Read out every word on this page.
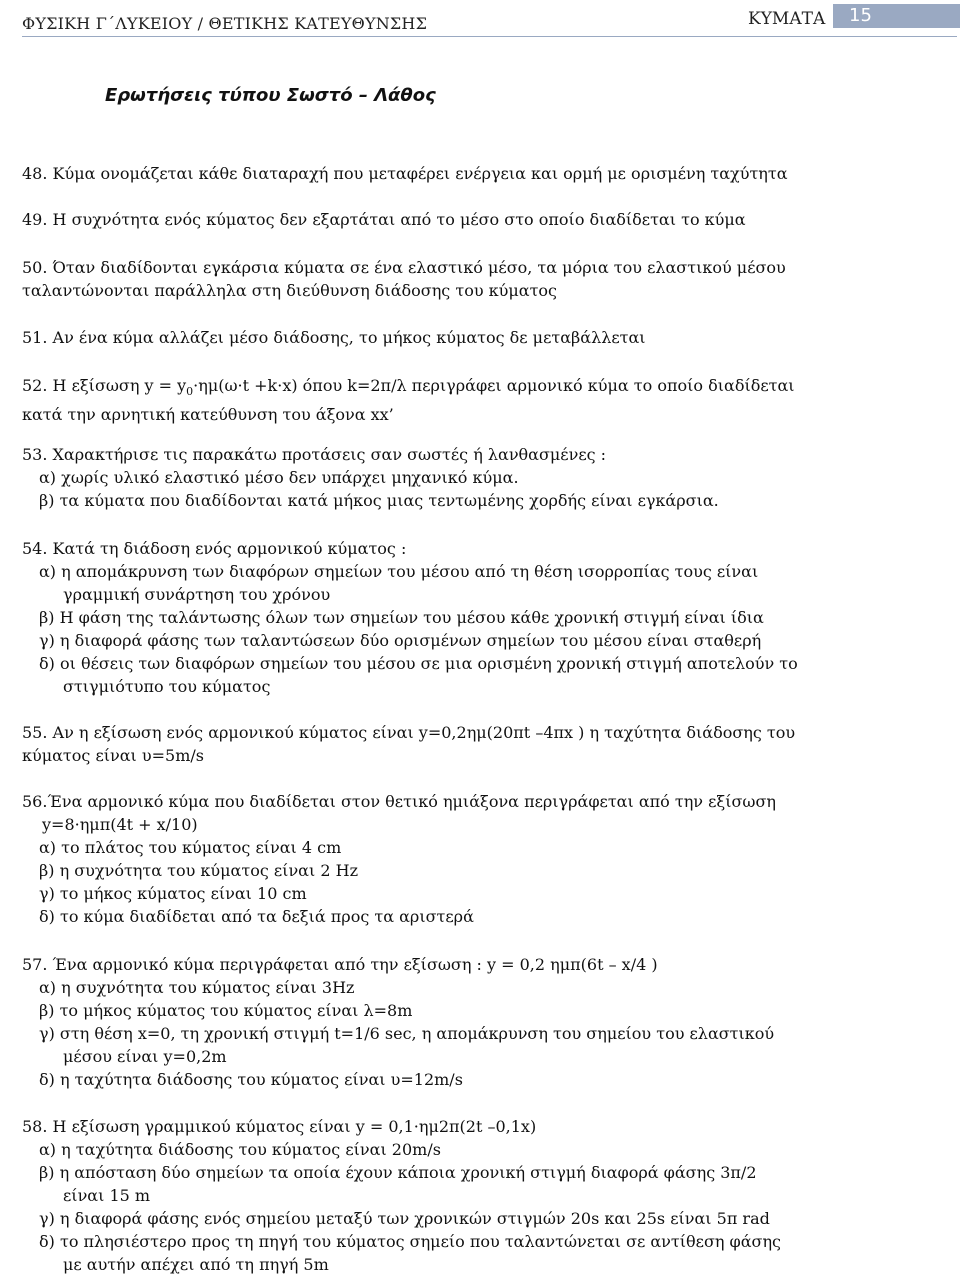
ΦΥΣΙΚΗ Γ΄ΛΥΚΕΙΟΥ / ΘΕΤΙΚΗΣ ΚΑΤΕΥΘΥΝΣΗΣ	ΚΥΜΑΤΑ	15
Ερωτήσεις τύπου Σωστό – Λάθος
48. Κύμα ονομάζεται κάθε διαταραχή που μεταφέρει ενέργεια και ορμή με ορισμένη ταχύτητα
49. Η συχνότητα ενός κύματος δεν εξαρτάται από το μέσο στο οποίο διαδίδεται το κύμα
50. Όταν διαδίδονται εγκάρσια κύματα σε ένα ελαστικό μέσο, τα μόρια του ελαστικού μέσου
ταλαντώνονται παράλληλα στη διεύθυνση διάδοσης του κύματος
51. Αν ένα κύμα αλλάζει μέσο διάδοσης, το μήκος κύματος δε μεταβάλλεται
52. Η εξίσωση $y = y_0\cdot\eta\mu(\omega\cdot t +k\cdot x)$ όπου k=2π/λ περιγράφει αρμονικό κύμα το οποίο διαδίδεται
κατά την αρνητική κατεύθυνση του άξονα xx’
53. Χαρακτήρισε τις παρακάτω προτάσεις σαν σωστές ή λανθασμένες :
α) χωρίς υλικό ελαστικό μέσο δεν υπάρχει μηχανικό κύμα.
β) τα κύματα που διαδίδονται κατά μήκος μιας τεντωμένης χορδής είναι εγκάρσια.
54. Κατά τη διάδοση ενός αρμονικού κύματος :
α) η απομάκρυνση των διαφόρων σημείων του μέσου από τη θέση ισορροπίας τους είναι
γραμμική συνάρτηση του χρόνου
β) Η φάση της ταλάντωσης όλων των σημείων του μέσου κάθε χρονική στιγμή είναι ίδια
γ) η διαφορά φάσης των ταλαντώσεων δύο ορισμένων σημείων του μέσου είναι σταθερή
δ) οι θέσεις των διαφόρων σημείων του μέσου σε μια ορισμένη χρονική στιγμή αποτελούν το
στιγμιότυπο του κύματος
55. Αν η εξίσωση ενός αρμονικού κύματος είναι y=0,2ημ(20πt –4πx ) η ταχύτητα διάδοσης του
κύματος είναι υ=5m/s
56.Ένα αρμονικό κύμα που διαδίδεται στον θετικό ημιάξονα περιγράφεται από την εξίσωση
y=8·ημπ(4t + x/10)
α) το πλάτος του κύματος είναι 4 cm
β) η συχνότητα του κύματος είναι 2 Hz
γ) το μήκος κύματος είναι 10 cm
δ) το κύμα διαδίδεται από τα δεξιά προς τα αριστερά
57. Ένα αρμονικό κύμα περιγράφεται από την εξίσωση : y = 0,2 ημπ(6t – x/4 )
α) η συχνότητα του κύματος είναι 3Hz
β) το μήκος κύματος του κύματος είναι λ=8m
γ) στη θέση x=0, τη χρονική στιγμή t=1/6 sec, η απομάκρυνση του σημείου του ελαστικού
μέσου είναι y=0,2m
δ) η ταχύτητα διάδοσης του κύματος είναι υ=12m/s
58. Η εξίσωση γραμμικού κύματος είναι y = 0,1·ημ2π(2t –0,1x)
α) η ταχύτητα διάδοσης του κύματος είναι 20m/s
β) η απόσταση δύο σημείων τα οποία έχουν κάποια χρονική στιγμή διαφορά φάσης 3π/2
είναι 15 m
γ) η διαφορά φάσης ενός σημείου μεταξύ των χρονικών στιγμών 20s και 25s είναι 5π rad
δ) το πλησιέστερο προς τη πηγή του κύματος σημείο που ταλαντώνεται σε αντίθεση φάσης
με αυτήν απέχει από τη πηγή 5m
